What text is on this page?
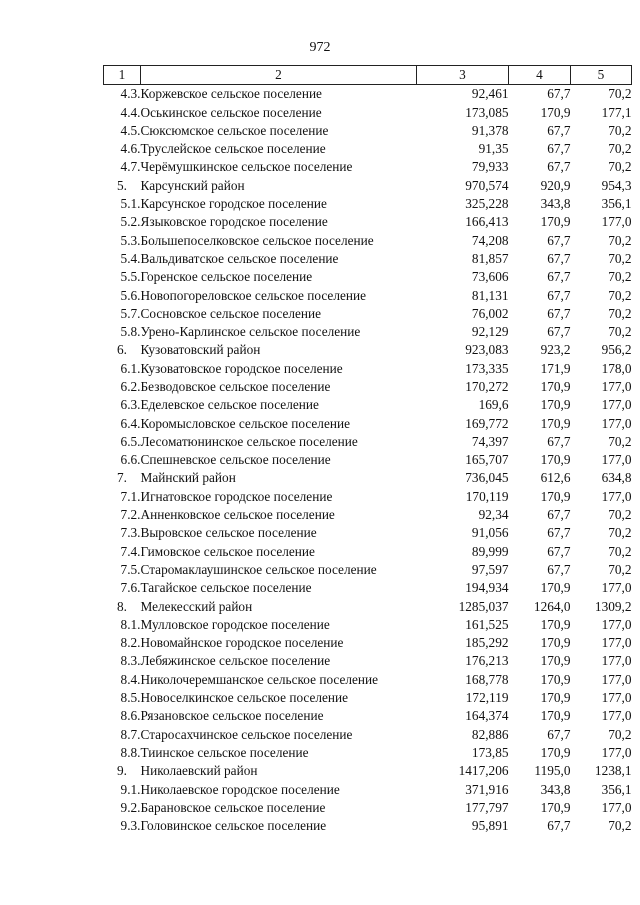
972
1	2	3	4	5
4.3.	Коржевское сельское поселение	92,461	67,7	70,2
4.4.	Оськинское сельское поселение	173,085	170,9	177,1
4.5.	Сюксюмское сельское поселение	91,378	67,7	70,2
4.6.	Труслейское сельское поселение	91,35	67,7	70,2
4.7.	Черёмушкинское сельское поселение	79,933	67,7	70,2
5.	Карсунский район	970,574	920,9	954,3
5.1.	Карсунское городское поселение	325,228	343,8	356,1
5.2.	Языковское городское поселение	166,413	170,9	177,0
5.3.	Большепоселковское сельское поселение	74,208	67,7	70,2
5.4.	Вальдиватское сельское поселение	81,857	67,7	70,2
5.5.	Горенское сельское поселение	73,606	67,7	70,2
5.6.	Новопогореловское сельское поселение	81,131	67,7	70,2
5.7.	Сосновское сельское поселение	76,002	67,7	70,2
5.8.	Урено-Карлинское сельское поселение	92,129	67,7	70,2
6.	Кузоватовский район	923,083	923,2	956,2
6.1.	Кузоватовское городское поселение	173,335	171,9	178,0
6.2.	Безводовское сельское поселение	170,272	170,9	177,0
6.3.	Еделевское сельское поселение	169,6	170,9	177,0
6.4.	Коромысловское сельское поселение	169,772	170,9	177,0
6.5.	Лесоматюнинское сельское поселение	74,397	67,7	70,2
6.6.	Спешневское сельское поселение	165,707	170,9	177,0
7.	Майнский район	736,045	612,6	634,8
7.1.	Игнатовское городское поселение	170,119	170,9	177,0
7.2.	Анненковское сельское поселение	92,34	67,7	70,2
7.3.	Выровское сельское поселение	91,056	67,7	70,2
7.4.	Гимовское сельское поселение	89,999	67,7	70,2
7.5.	Старомаклаушинское сельское поселение	97,597	67,7	70,2
7.6.	Тагайское сельское поселение	194,934	170,9	177,0
8.	Мелекесский район	1285,037	1264,0	1309,2
8.1.	Мулловское городское поселение	161,525	170,9	177,0
8.2.	Новомайнское городское поселение	185,292	170,9	177,0
8.3.	Лебяжинское сельское поселение	176,213	170,9	177,0
8.4.	Николочеремшанское сельское поселение	168,778	170,9	177,0
8.5.	Новоселкинское сельское поселение	172,119	170,9	177,0
8.6.	Рязановское сельское поселение	164,374	170,9	177,0
8.7.	Старосахчинское сельское поселение	82,886	67,7	70,2
8.8.	Тиинское сельское поселение	173,85	170,9	177,0
9.	Николаевский район	1417,206	1195,0	1238,1
9.1.	Николаевское городское поселение	371,916	343,8	356,1
9.2.	Барановское сельское поселение	177,797	170,9	177,0
9.3.	Головинское сельское поселение	95,891	67,7	70,2
